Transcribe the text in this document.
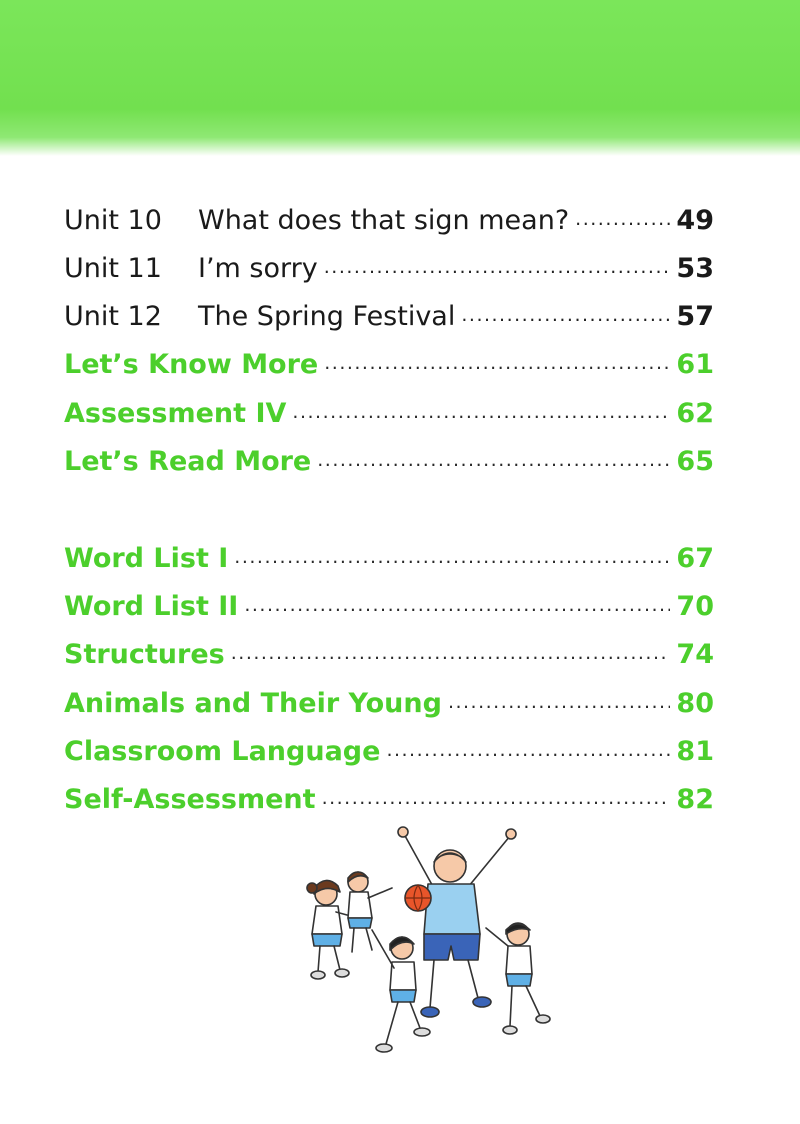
Unit 10	What does that sign mean? .....	49
Unit 11	I’m sorry .....	53
Unit 12	The Spring Festival .....	57
Let’s Know More .....	61
Assessment IV .....	62
Let’s Read More .....	65
Word List I .....	67
Word List II .....	70
Structures .....	74
Animals and Their Young .....	80
Classroom Language .....	81
Self-Assessment .....	82
